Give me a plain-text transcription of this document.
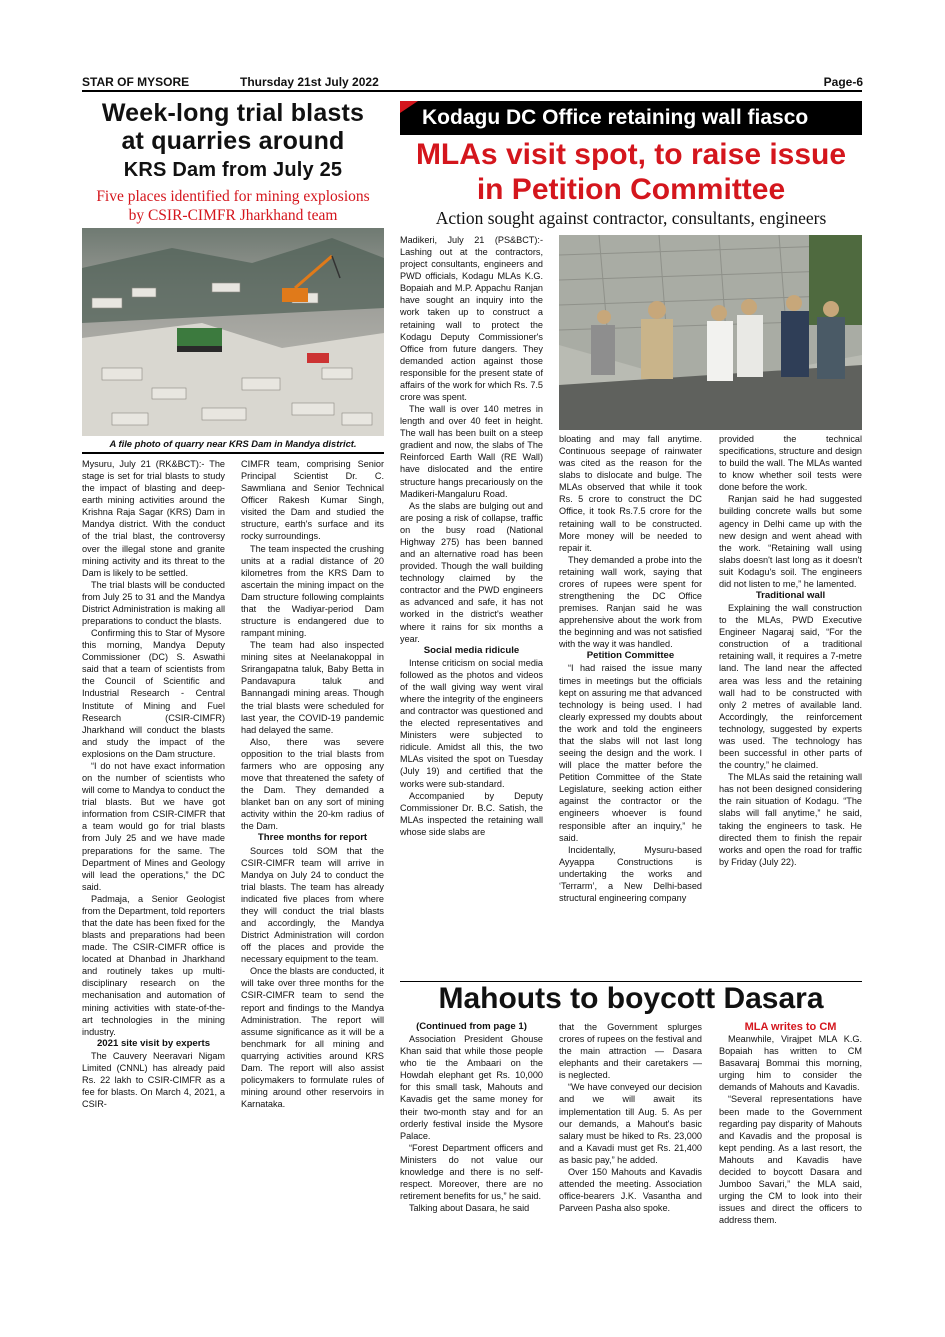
STAR OF MYSORE	Thursday 21st July 2022	Page-6
Week-long trial blasts
at quarries around
KRS Dam from July 25
Five places identified for mining explosions
by CSIR-CIMFR Jharkhand team
A file photo of quarry near KRS Dam in Mandya district.

Mysuru, July 21 (RK&BCT):- The stage is set for trial blasts to study the impact of blasting and deep-earth mining activities around the Krishna Raja Sagar (KRS) Dam in Mandya district. With the conduct of the trial blast, the controversy over the illegal stone and granite mining activity and its threat to the Dam is likely to be settled.

The trial blasts will be conducted from July 25 to 31 and the Mandya District Administration is making all preparations to conduct the blasts.

Confirming this to Star of Mysore this morning, Mandya Deputy Commissioner (DC) S. Aswathi said that a team of scientists from the Council of Scientific and Industrial Research - Central Institute of Mining and Fuel Research (CSIR-CIMFR) Jharkhand will conduct the blasts and study the impact of the explosions on the Dam structure.

“I do not have exact information on the number of scientists who will come to Mandya to conduct the trial blasts. But we have got information from CSIR-CIMFR that a team would go for trial blasts from July 25 and we have made preparations for the same. The Department of Mines and Geology will lead the operations,” the DC said.

Padmaja, a Senior Geologist from the Department, told reporters that the date has been fixed for the blasts and preparations had been made. The CSIR-CIMFR office is located at Dhanbad in Jharkhand and routinely takes up multi-disciplinary research on the mechanisation and automation of mining activities with state-of-the-art technologies in the mining industry.

2021 site visit by experts

The Cauvery Neeravari Nigam Limited (CNNL) has already paid Rs. 22 lakh to CSIR-CIMFR as a fee for blasts. On March 4, 2021, a CSIR-

CIMFR team, comprising Senior Principal Scientist Dr. C. Sawmliana and Senior Technical Officer Rakesh Kumar Singh, visited the Dam and studied the structure, earth's surface and its rocky surroundings.

The team inspected the crushing units at a radial distance of 20 kilometres from the KRS Dam to ascertain the mining impact on the Dam structure following complaints that the Wadiyar-period Dam structure is endangered due to rampant mining.

The team had also inspected mining sites at Neelanakoppal in Srirangapatna taluk, Baby Betta in Pandavapura taluk and Bannangadi mining areas. Though the trial blasts were scheduled for last year, the COVID-19 pandemic had delayed the same.

Also, there was severe opposition to the trial blasts from farmers who are opposing any move that threatened the safety of the Dam. They demanded a blanket ban on any sort of mining activity within the 20-km radius of the Dam.

Three months for report

Sources told SOM that the CSIR-CIMFR team will arrive in Mandya on July 24 to conduct the trial blasts. The team has already indicated five places from where they will conduct the trial blasts and accordingly, the Mandya District Administration will cordon off the places and provide the necessary equipment to the team.

Once the blasts are conducted, it will take over three months for the CSIR-CIMFR team to send the report and findings to the Mandya Administration. The report will assume significance as it will be a benchmark for all mining and quarrying activities around KRS Dam. The report will also assist policymakers to formulate rules of mining around other reservoirs in Karnataka.

Kodagu DC Office retaining wall fiasco
MLAs visit spot, to raise issue
in Petition Committee
Action sought against contractor, consultants, engineers

Madikeri, July 21 (PS&BCT):- Lashing out at the contractors, project consultants, engineers and PWD officials, Kodagu MLAs K.G. Bopaiah and M.P. Appachu Ranjan have sought an inquiry into the work taken up to construct a retaining wall to protect the Kodagu Deputy Commissioner's Office from future dangers. They demanded action against those responsible for the present state of affairs of the work for which Rs. 7.5 crore was spent.

The wall is over 140 metres in length and over 40 feet in height. The wall has been built on a steep gradient and now, the slabs of The Reinforced Earth Wall (RE Wall) have dislocated and the entire structure hangs precariously on the Madikeri-Mangaluru Road.

As the slabs are bulging out and are posing a risk of collapse, traffic on the busy road (National Highway 275) has been banned and an alternative road has been provided. Though the wall building technology claimed by the contractor and the PWD engineers as advanced and safe, it has not worked in the district's weather where it rains for six months a year.

Social media ridicule

Intense criticism on social media followed as the photos and videos of the wall giving way went viral where the integrity of the engineers and contractor was questioned and the elected representatives and Ministers were subjected to ridicule. Amidst all this, the two MLAs visited the spot on Tuesday (July 19) and certified that the works were sub-standard.

Accompanied by Deputy Commissioner Dr. B.C. Satish, the MLAs inspected the retaining wall whose side slabs are

bloating and may fall anytime. Continuous seepage of rainwater was cited as the reason for the slabs to dislocate and bulge. The MLAs observed that while it took Rs. 5 crore to construct the DC Office, it took Rs.7.5 crore for the retaining wall to be constructed. More money will be needed to repair it.

They demanded a probe into the retaining wall work, saying that crores of rupees were spent for strengthening the DC Office premises. Ranjan said he was apprehensive about the work from the beginning and was not satisfied with the way it was handled.

Petition Committee

“I had raised the issue many times in meetings but the officials kept on assuring me that advanced technology is being used. I had clearly expressed my doubts about the work and told the engineers that the slabs will not last long seeing the design and the work. I will place the matter before the Petition Committee of the State Legislature, seeking action either against the contractor or the engineers whoever is found responsible after an inquiry,” he said.

Incidentally, Mysuru-based Ayyappa Constructions is undertaking the works and ‘Terrarm’, a New Delhi-based structural engineering company

provided the technical specifications, structure and design to build the wall. The MLAs wanted to know whether soil tests were done before the work.

Ranjan said he had suggested building concrete walls but some agency in Delhi came up with the new design and went ahead with the work. “Retaining wall using slabs doesn't last long as it doesn't suit Kodagu's soil. The engineers did not listen to me,” he lamented.

Traditional wall

Explaining the wall construction to the MLAs, PWD Executive Engineer Nagaraj said, “For the construction of a traditional retaining wall, it requires a 7-metre land. The land near the affected area was less and the retaining wall had to be constructed with only 2 metres of available land. Accordingly, the reinforcement technology, suggested by experts was used. The technology has been successful in other parts of the country,” he claimed.

The MLAs said the retaining wall has not been designed considering the rain situation of Kodagu. “The slabs will fall anytime,” he said, taking the engineers to task. He directed them to finish the repair works and open the road for traffic by Friday (July 22).

Mahouts to boycott Dasara
(Continued from page 1)

Association President Ghouse Khan said that while those people who tie the Ambaari on the Howdah elephant get Rs. 10,000 for this small task, Mahouts and Kavadis get the same money for their two-month stay and for an orderly festival inside the Mysore Palace.

“Forest Department officers and Ministers do not value our knowledge and there is no self-respect. Moreover, there are no retirement benefits for us,” he said.

Talking about Dasara, he said

that the Government splurges crores of rupees on the festival and the main attraction — Dasara elephants and their caretakers — is neglected.

“We have conveyed our decision and we will await its implementation till Aug. 5. As per our demands, a Mahout's basic salary must be hiked to Rs. 23,000 and a Kavadi must get Rs. 21,400 as basic pay,” he added.

Over 150 Mahouts and Kavadis attended the meeting. Association office-bearers J.K. Vasantha and Parveen Pasha also spoke.

MLA writes to CM

Meanwhile, Virajpet MLA K.G. Bopaiah has written to CM Basavaraj Bommai this morning, urging him to consider the demands of Mahouts and Kavadis.

“Several representations have been made to the Government regarding pay disparity of Mahouts and Kavadis and the proposal is kept pending. As a last resort, the Mahouts and Kavadis have decided to boycott Dasara and Jumboo Savari,” the MLA said, urging the CM to look into their issues and direct the officers to address them.
